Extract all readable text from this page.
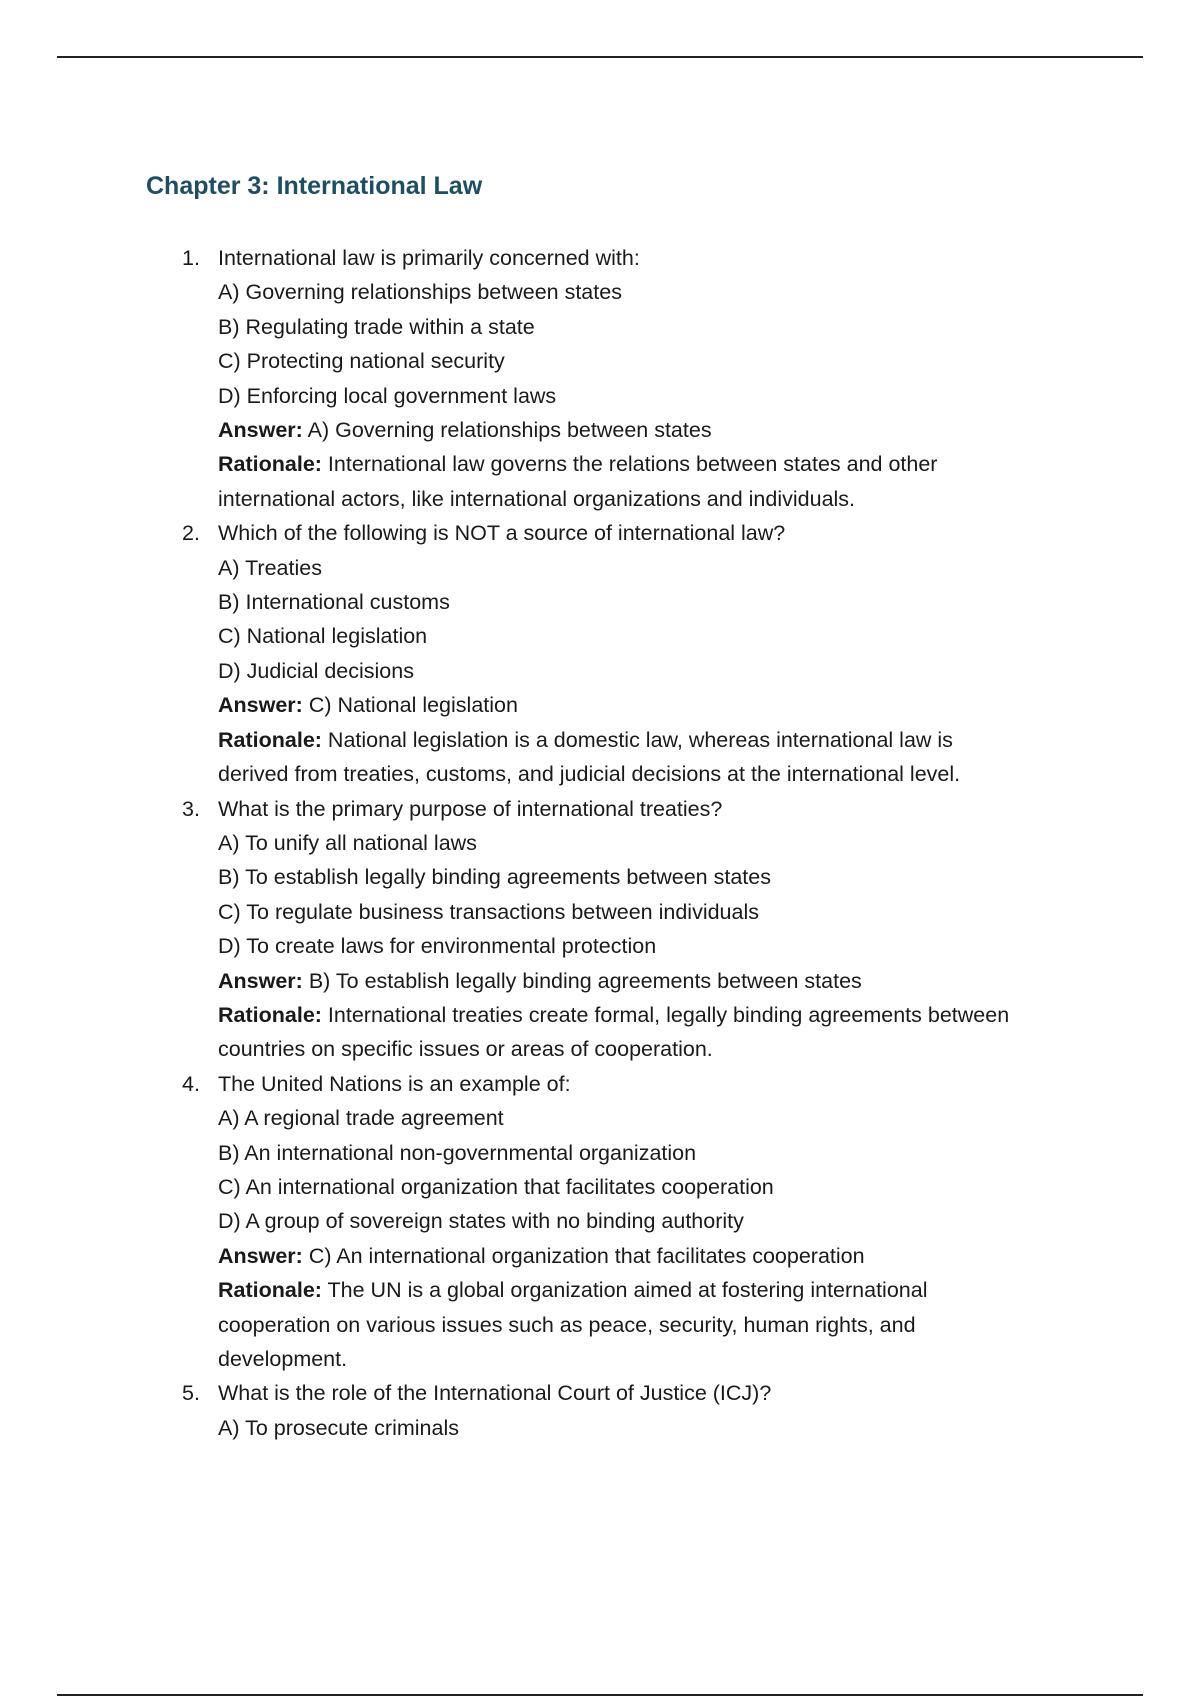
Chapter 3: International Law
1. International law is primarily concerned with:
A) Governing relationships between states
B) Regulating trade within a state
C) Protecting national security
D) Enforcing local government laws
Answer: A) Governing relationships between states
Rationale: International law governs the relations between states and other
international actors, like international organizations and individuals.
2. Which of the following is NOT a source of international law?
A) Treaties
B) International customs
C) National legislation
D) Judicial decisions
Answer: C) National legislation
Rationale: National legislation is a domestic law, whereas international law is
derived from treaties, customs, and judicial decisions at the international level.
3. What is the primary purpose of international treaties?
A) To unify all national laws
B) To establish legally binding agreements between states
C) To regulate business transactions between individuals
D) To create laws for environmental protection
Answer: B) To establish legally binding agreements between states
Rationale: International treaties create formal, legally binding agreements between
countries on specific issues or areas of cooperation.
4. The United Nations is an example of:
A) A regional trade agreement
B) An international non-governmental organization
C) An international organization that facilitates cooperation
D) A group of sovereign states with no binding authority
Answer: C) An international organization that facilitates cooperation
Rationale: The UN is a global organization aimed at fostering international
cooperation on various issues such as peace, security, human rights, and
development.
5. What is the role of the International Court of Justice (ICJ)?
A) To prosecute criminals
